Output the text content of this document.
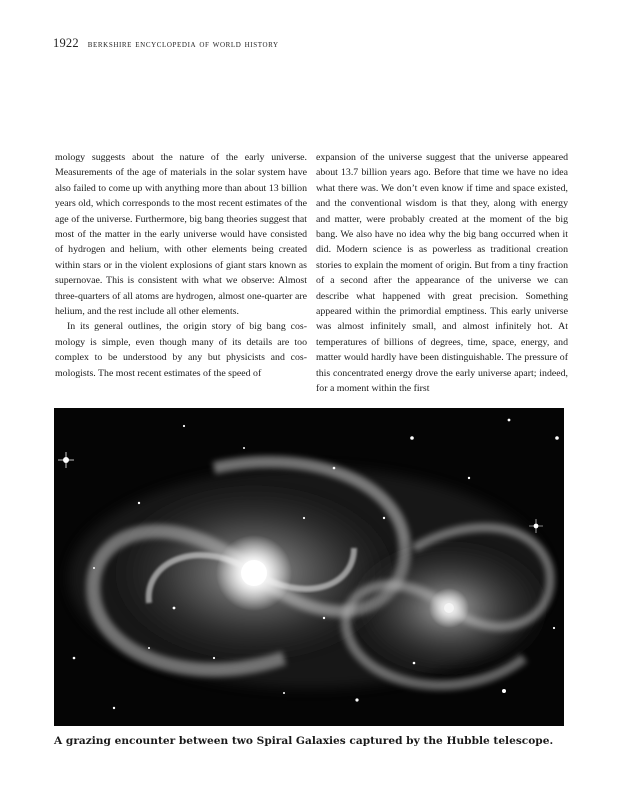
1922 berkshire encyclopedia of world history

mology suggests about the nature of the early universe. Measurements of the age of materials in the solar system have also failed to come up with anything more than about 13 billion years old, which corresponds to the most recent estimates of the age of the universe. Furthermore, big bang theories suggest that most of the matter in the early universe would have consisted of hydrogen and helium, with other elements being created within stars or in the violent explosions of giant stars known as supernovae. This is consistent with what we observe: Almost three-quarters of all atoms are hydrogen, almost one-quarter are helium, and the rest include all other elements.

In its general outlines, the origin story of big bang cosmology is simple, even though many of its details are too complex to be understood by any but physicists and cosmologists. The most recent estimates of the speed of

expansion of the universe suggest that the universe appeared about 13.7 billion years ago. Before that time we have no idea what there was. We don’t even know if time and space existed, and the conventional wisdom is that they, along with energy and matter, were probably created at the moment of the big bang. We also have no idea why the big bang occurred when it did. Modern science is as powerless as traditional creation stories to explain the moment of origin. But from a tiny fraction of a second after the appearance of the universe we can describe what happened with great precision. Something appeared within the primordial emptiness. This early universe was almost infinitely small, and almost infinitely hot. At temperatures of billions of degrees, time, space, energy, and matter would hardly have been distinguishable. The pressure of this concentrated energy drove the early universe apart; indeed, for a moment within the first

A grazing encounter between two Spiral Galaxies captured by the Hubble telescope.
